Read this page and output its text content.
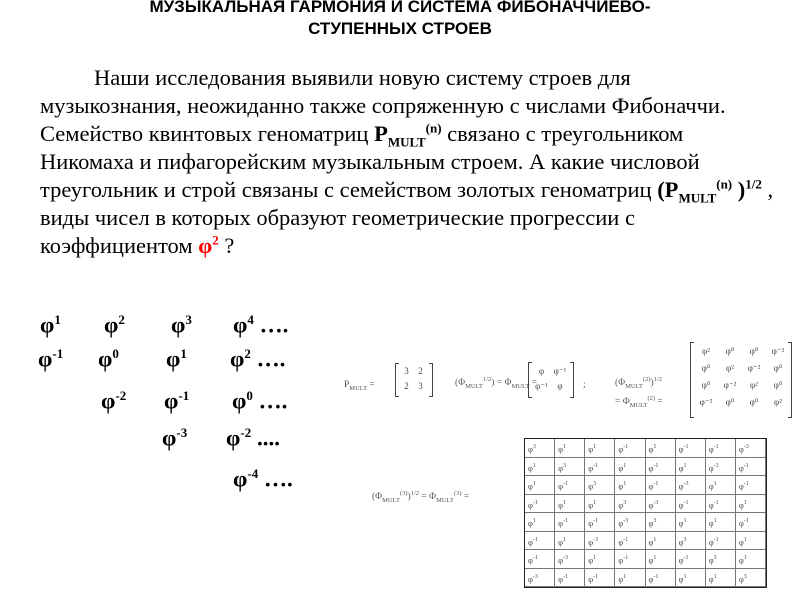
МУЗЫКАЛЬНАЯ ГАРМОНИЯ И СИСТЕМА ФИБОНАЧЧИЕВО-
СТУПЕННЫХ СТРОЕВ

Наши исследования выявили новую систему строев для музыкознания, неожиданно также сопряженную с числами Фибоначчи. Семейство квинтовых геноматриц $P_{MULT}^{(n)}$ связано с треугольником Никомаха и пифагорейским музыкальным строем. А какие числовой треугольник и строй связаны с семейством золотых геноматриц ($P_{MULT}^{(n)}$ )$^{1/2}$ , виды чисел в которых образуют геометрические прогрессии с коэффициентом $\varphi^2$ ?

$\varphi^1$ $\varphi^2$ $\varphi^3$ $\varphi^4$ ….
$\varphi^{-1}$ $\varphi^0$ $\varphi^1$ $\varphi^2$ ….
$\varphi^{-2}$ $\varphi^{-1}$ $\varphi^0$ ….
$\varphi^{-3}$ $\varphi^{-2}$ ....
$\varphi^{-4}$ ….
$P_{MULT}$ =
3	2
2	3	$(\Phi_{MULT}^{1/2}) = \Phi_{MULT}$ =
φ	φ⁻¹
φ⁻¹	φ	;	$(\Phi_{MULT}^{(2)})^{1/2}$
= $\Phi_{MULT}^{(2)}$ =
φ²	φ⁰	φ⁰	φ⁻²
φ⁰	φ²	φ⁻²	φ⁰
φ⁰	φ⁻²	φ²	φ⁰
φ⁻²	φ⁰	φ⁰	φ²
$(\Phi_{MULT}^{(3)})^{1/2} = \Phi_{MULT}^{(3)}$ =
$\varphi^3$	$\varphi^1$	$\varphi^1$	$\varphi^{-1}$	$\varphi^1$	$\varphi^{-1}$	$\varphi^{-1}$	$\varphi^{-3}$
$\varphi^1$	$\varphi^3$	$\varphi^{-1}$	$\varphi^1$	$\varphi^{-1}$	$\varphi^1$	$\varphi^{-3}$	$\varphi^{-1}$
$\varphi^1$	$\varphi^{-1}$	$\varphi^3$	$\varphi^1$	$\varphi^{-1}$	$\varphi^{-3}$	$\varphi^1$	$\varphi^{-1}$
$\varphi^{-1}$	$\varphi^1$	$\varphi^1$	$\varphi^3$	$\varphi^{-3}$	$\varphi^{-1}$	$\varphi^{-1}$	$\varphi^1$
$\varphi^1$	$\varphi^{-1}$	$\varphi^{-1}$	$\varphi^{-3}$	$\varphi^3$	$\varphi^1$	$\varphi^1$	$\varphi^{-1}$
$\varphi^{-1}$	$\varphi^1$	$\varphi^{-3}$	$\varphi^{-1}$	$\varphi^1$	$\varphi^3$	$\varphi^{-1}$	$\varphi^1$
$\varphi^{-1}$	$\varphi^{-3}$	$\varphi^1$	$\varphi^{-1}$	$\varphi^1$	$\varphi^{-1}$	$\varphi^3$	$\varphi^1$
$\varphi^{-3}$	$\varphi^{-1}$	$\varphi^{-1}$	$\varphi^1$	$\varphi^{-1}$	$\varphi^1$	$\varphi^1$	$\varphi^3$
